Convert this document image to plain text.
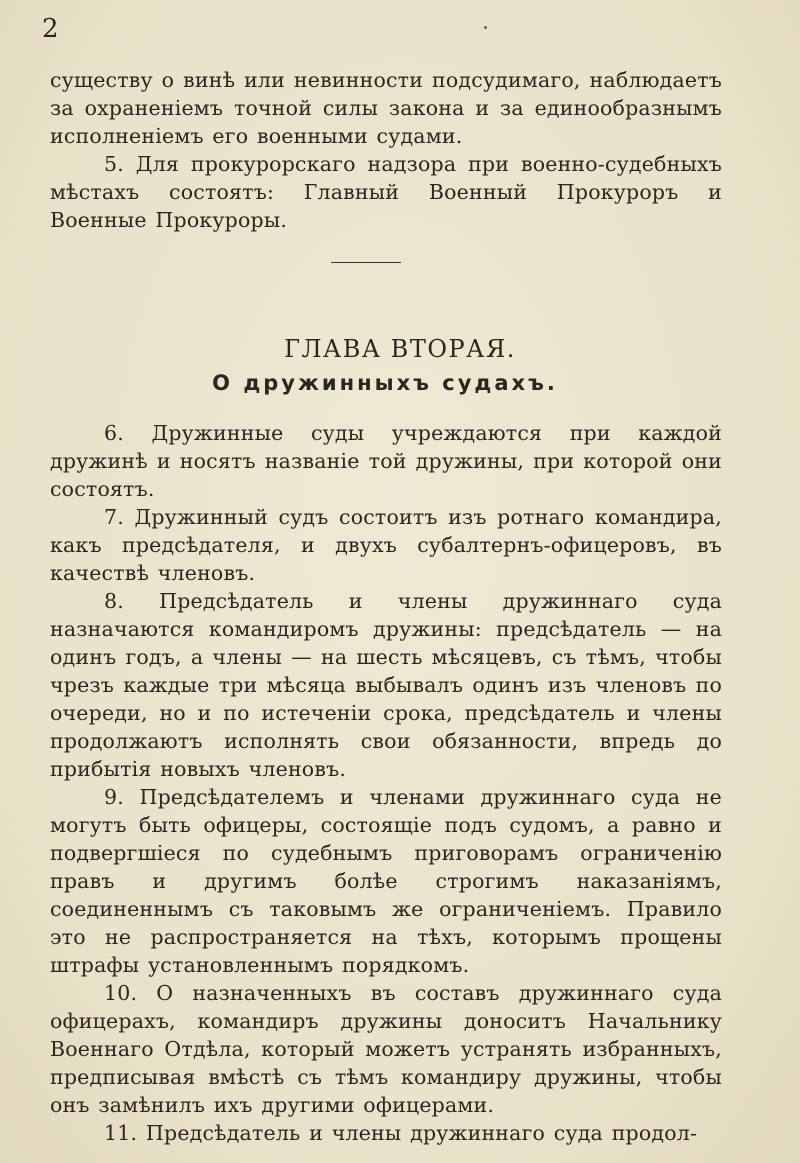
2

существу о винѣ или невинности подсудимаго, наблюдаетъ за охраненіемъ точной силы закона и за единообразнымъ исполненіемъ его военными судами.

5. Для прокурорскаго надзора при военно-судебныхъ мѣстахъ состоятъ: Главный Военный Прокуроръ и Военные Прокуроры.

ГЛАВА ВТОРАЯ.
О дружинныхъ судахъ.

6. Дружинные суды учреждаются при каждой дружинѣ и носятъ названіе той дружины, при которой они состоятъ.

7. Дружинный судъ состоитъ изъ ротнаго командира, какъ предсѣдателя, и двухъ субалтернъ-офицеровъ, въ качествѣ членовъ.

8. Предсѣдатель и члены дружиннаго суда назначаются командиромъ дружины: предсѣдатель — на одинъ годъ, а члены — на шесть мѣсяцевъ, съ тѣмъ, чтобы чрезъ каждые три мѣсяца выбывалъ одинъ изъ членовъ по очереди, но и по истеченіи срока, предсѣдатель и члены продолжаютъ исполнять свои обязанности, впредь до прибытія новыхъ членовъ.

9. Предсѣдателемъ и членами дружиннаго суда не могутъ быть офицеры, состоящіе подъ судомъ, а равно и подвергшіеся по судебнымъ приговорамъ ограниченію правъ и другимъ болѣе строгимъ наказаніямъ, соединеннымъ съ таковымъ же ограниченіемъ. Правило это не распространяется на тѣхъ, которымъ прощены штрафы установленнымъ порядкомъ.

10. О назначенныхъ въ составъ дружиннаго суда офицерахъ, командиръ дружины доноситъ Начальнику Военнаго Отдѣла, который можетъ устранять избранныхъ, предписывая вмѣстѣ съ тѣмъ командиру дружины, чтобы онъ замѣнилъ ихъ другими офицерами.

11. Предсѣдатель и члены дружиннаго суда продол-
